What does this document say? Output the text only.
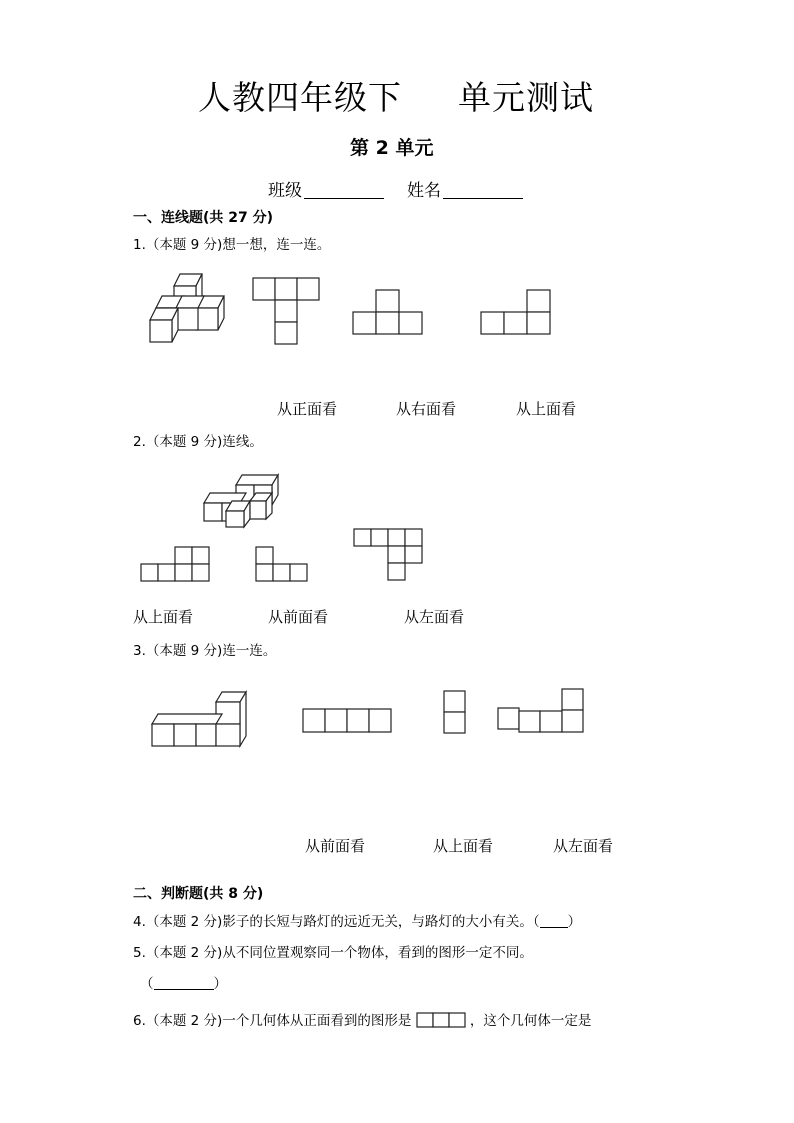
人教四年级下 单元测试
第 2 单元
班级	姓名
一、连线题(共 27 分)
1.（本题 9 分)想一想，连一连。
从正面看	从右面看	从上面看
2.（本题 9 分)连线。
从上面看	从前面看	从左面看
3.（本题 9 分)连一连。
从前面看	从上面看	从左面看
二、判断题(共 8 分)
4.（本题 2 分)影子的长短与路灯的远近无关，与路灯的大小有关。（ ）
5.（本题 2 分)从不同位置观察同一个物体，看到的图形一定不同。
（	）
6.（本题 2 分)一个几何体从正面看到的图形是	，这个几何体一定是
